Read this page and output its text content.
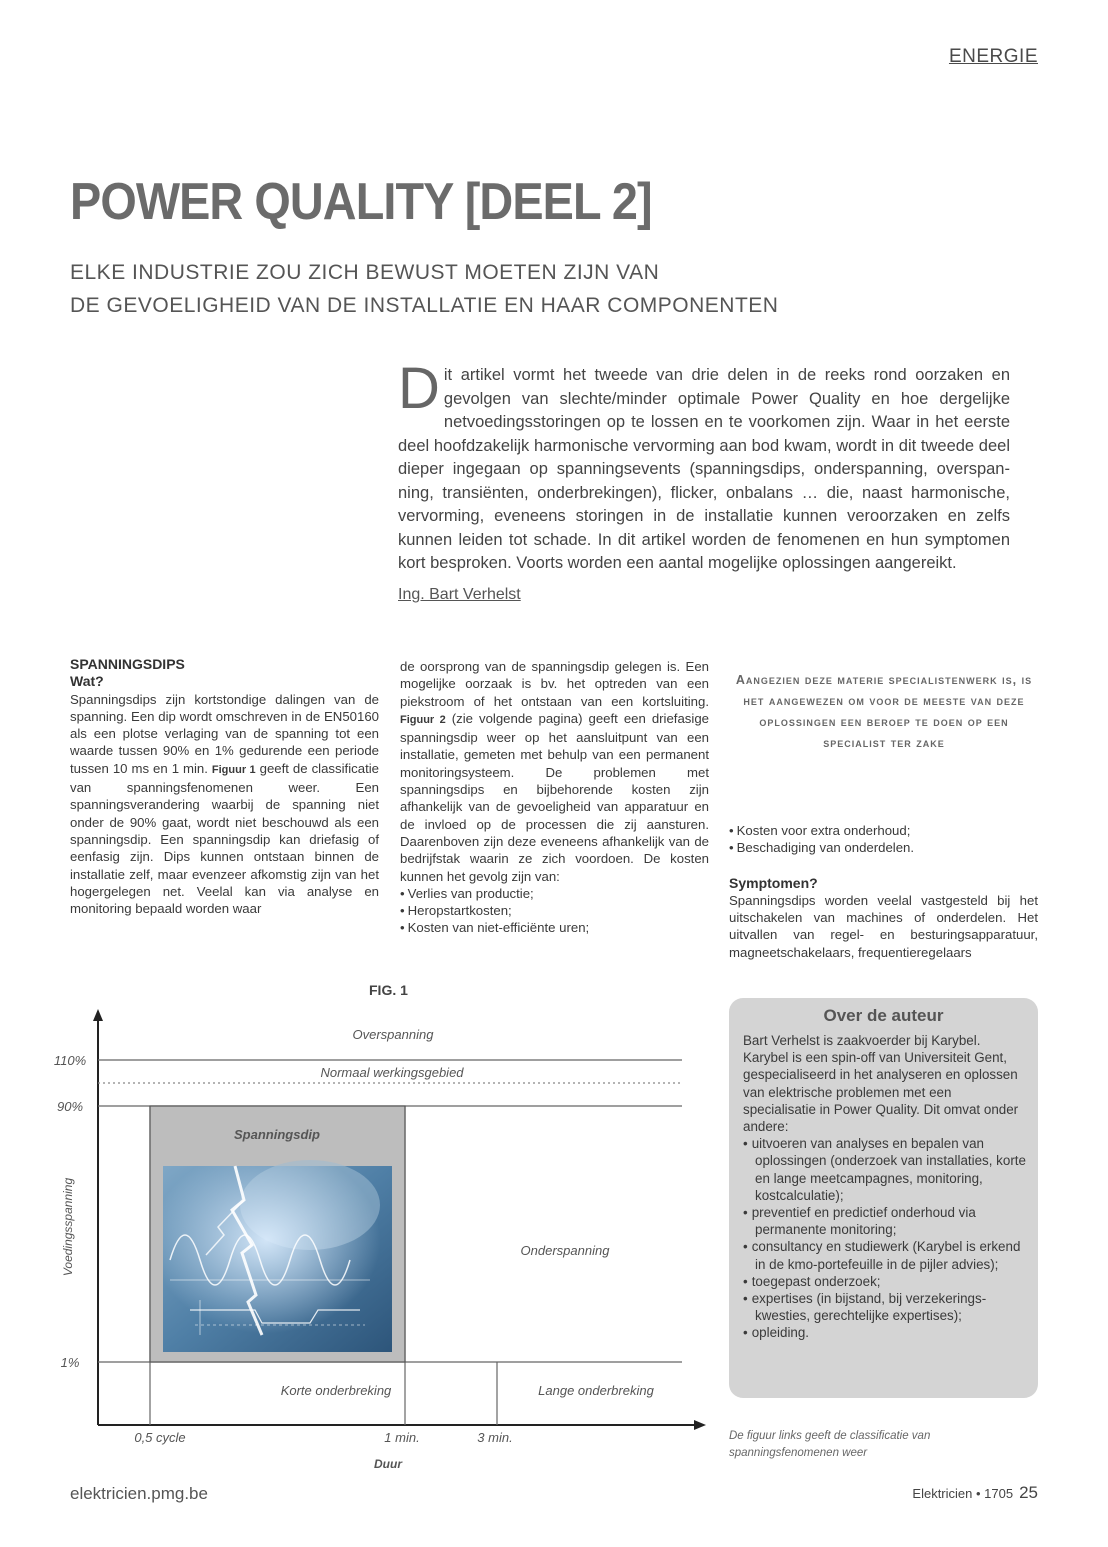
ENERGIE
POWER QUALITY [DEEL 2]
ELKE INDUSTRIE ZOU ZICH BEWUST MOETEN ZIJN VAN
DE GEVOELIGHEID VAN DE INSTALLATIE EN HAAR COMPONENTEN
Dit artikel vormt het tweede van drie delen in de reeks rond oorzaken en gevolgen van slechte/minder optimale Power Quality en hoe dergelijke netvoedingsstoringen op te lossen en te voorkomen zijn. Waar in het eerste deel hoofdzakelijk harmonische vervorming aan bod kwam, wordt in dit tweede deel dieper ingegaan op spanningsevents (spanningsdips, onderspanning, overspanning, transiënten, onderbrekingen), flicker, onbalans … die, naast harmonische, vervorming, eveneens storingen in de installatie kunnen veroorzaken en zelfs kunnen leiden tot schade. In dit artikel worden de fenomenen en hun symptomen kort besproken. Voorts worden een aantal mogelijke oplossingen aangereikt.
Ing. Bart Verhelst

SPANNINGSDIPS

Wat?

Spanningsdips zijn kortstondige dalingen van de spanning. Een dip wordt omschreven in de EN50160 als een plotse verlaging van de spanning tot een waarde tussen 90% en 1% gedurende een periode tussen 10 ms en 1 min. Figuur 1 geeft de classificatie van spanningsfenomenen weer. Een spanningsverandering waarbij de spanning niet onder de 90% gaat, wordt niet beschouwd als een spanningsdip. Een spanningsdip kan driefasig of eenfasig zijn. Dips kunnen ontstaan binnen de installatie zelf, maar evenzeer afkomstig zijn van het hogergelegen net. Veelal kan via analyse en monitoring bepaald worden waar

de oorsprong van de spanningsdip gelegen is. Een mogelijke oorzaak is bv. het optreden van een piekstroom of het ontstaan van een kortsluiting. Figuur 2 (zie volgende pagina) geeft een driefasige spanningsdip weer op het aansluitpunt van een installatie, gemeten met behulp van een permanent monitoringsysteem. De problemen met spanningsdips en bijbehorende kosten zijn afhankelijk van de gevoeligheid van apparatuur en de invloed op de processen die zij aansturen. Daarenboven zijn deze eveneens afhankelijk van de bedrijfstak waarin ze zich voordoen. De kosten kunnen het gevolg zijn van:

• Verlies van productie;
• Heropstartkosten;
• Kosten van niet-efficiënte uren;
Aangezien deze materie specialistenwerk is, is het aangewezen om voor de meeste van deze oplossingen een beroep te doen op een specialist ter zake
• Kosten voor extra onderhoud;
• Beschadiging van onderdelen.

Symptomen?

Spanningsdips worden veelal vastgesteld bij het uitschakelen van machines of onderdelen. Het uitvallen van regel- en besturingsapparatuur, magneetschakelaars, frequentieregelaars

FIG. 1
110%
90%
1%
0,5 cycle	1 min.	3 min.
Duur
Voedingsspanning
Overspanning
Normaal werkingsgebied
Spanningsdip
Onderspanning
Korte onderbreking	Lange onderbreking
Over de auteur
Bart Verhelst is zaakvoerder bij Karybel. Karybel is een spin-off van Universiteit Gent, gespecialiseerd in het analyseren en oplossen van elektrische problemen met een specialisatie in Power Quality. Dit omvat onder andere:
• uitvoeren van analyses en bepalen van oplossingen (onderzoek van installaties, korte en lange meetcampagnes, monitoring, kostcalculatie);
• preventief en predictief onderhoud via permanente monitoring;
• consultancy en studiewerk (Karybel is erkend in de kmo-portefeuille in de pijler advies);
• toegepast onderzoek;
• expertises (in bijstand, bij verzekeringskwesties, gerechtelijke expertises);
• opleiding.
De figuur links geeft de classificatie van spanningsfenomenen weer
elektricien.pmg.be	Elektricien • 1705 25
